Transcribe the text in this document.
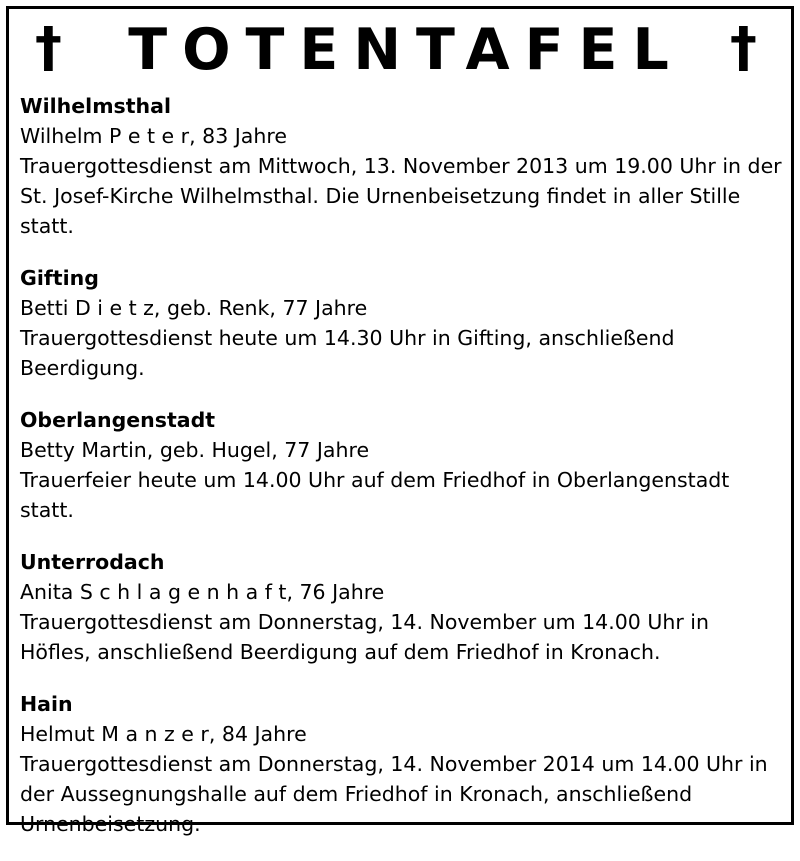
†	TOTENTAFEL †

Wilhelmsthal

Wilhelm P e t e r, 83 Jahre

Trauergottesdienst am Mittwoch, 13. November 2013 um 19.00 Uhr in der St. Josef-Kirche Wilhelmsthal. Die Urnenbeisetzung findet in aller Stille statt.

Gifting

Betti D i e t z, geb. Renk, 77 Jahre

Trauergottesdienst heute um 14.30 Uhr in Gifting, anschließend Beerdigung.

Oberlangenstadt

Betty Martin, geb. Hugel, 77 Jahre

Trauerfeier heute um 14.00 Uhr auf dem Friedhof in Oberlangenstadt statt.

Unterrodach

Anita S c h l a g e n h a f t, 76 Jahre

Trauergottesdienst am Donnerstag, 14. November um 14.00 Uhr in Höfles, anschließend Beerdigung auf dem Friedhof in Kronach.

Hain

Helmut M a n z e r, 84 Jahre

Trauergottesdienst am Donnerstag, 14. November 2014 um 14.00 Uhr in der Aussegnungshalle auf dem Friedhof in Kronach, anschließend Urnenbeisetzung.
